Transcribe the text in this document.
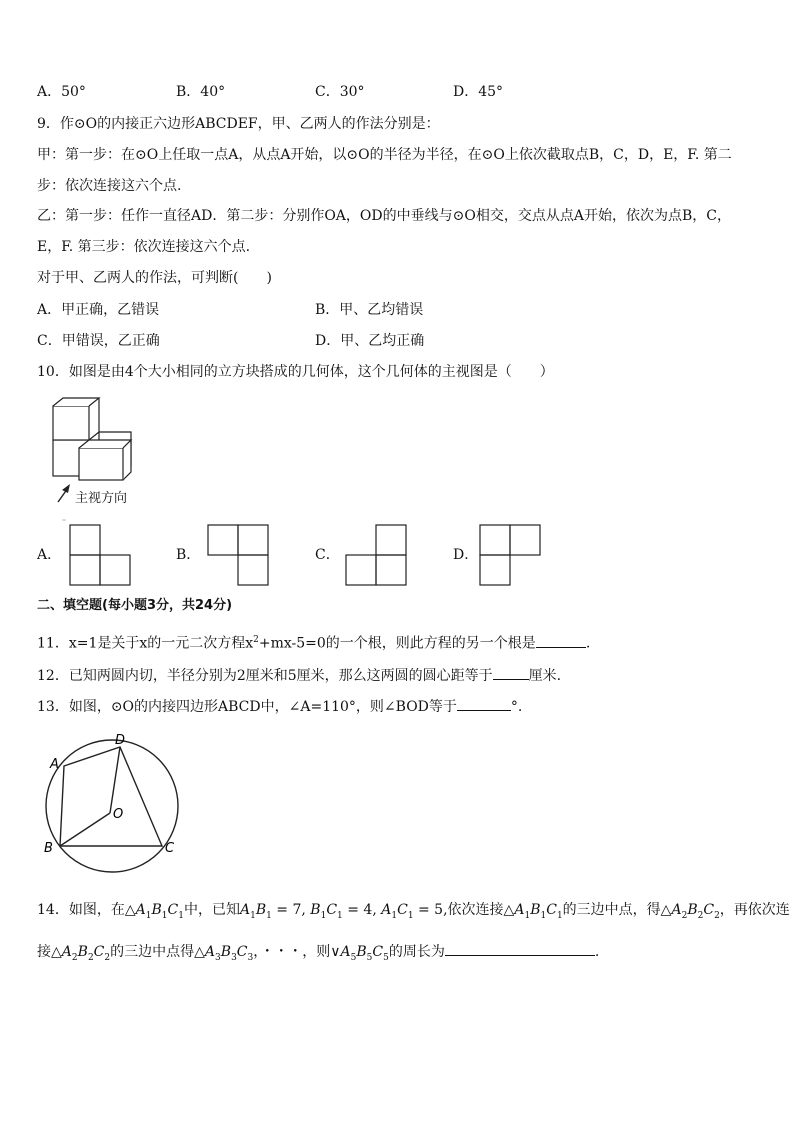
A．50°	B．40°	C．30°	D．45°
9．作⊙O的内接正六边形ABCDEF，甲、乙两人的作法分别是：
甲：第一步：在⊙O上任取一点A，从点A开始，以⊙O的半径为半径，在⊙O上依次截取点B，C，D，E，F. 第二
步：依次连接这六个点.
乙：第一步：任作一直径AD．第二步：分别作OA，OD的中垂线与⊙O相交，交点从点A开始，依次为点B，C，
E，F. 第三步：依次连接这六个点.
对于甲、乙两人的作法，可判断(　　)
A．甲正确，乙错误	B．甲、乙均错误
C．甲错误，乙正确	D．甲、乙均正确
10．如图是由4个大小相同的立方块搭成的几何体，这个几何体的主视图是（　　）
主视方向
A．	B．	C．	D．
二、填空题(每小题3分，共24分)
11．x=1是关于x的一元二次方程$x^2+mx-5=0$的一个根，则此方程的另一个根是	.
12．已知两圆内切，半径分别为2厘米和5厘米，那么这两圆的圆心距等于	厘米.
13．如图，⊙O的内接四边形ABCD中，∠A=110°，则∠BOD等于	°.
A
B	C
D
O
14．如图，在$\triangle A_1B_1C_1$中，已知$A_1B_1 = 7$, $B_1C_1 = 4$, $A_1C_1 = 5$,依次连接$\triangle A_1B_1C_1$的三边中点，得$\triangle A_2B_2C_2$，再依次连
接$\triangle A_2B_2C_2$的三边中点得$\triangle A_3B_3C_3$，・・・，则$\vee A_5B_5C_5$的周长为	.
